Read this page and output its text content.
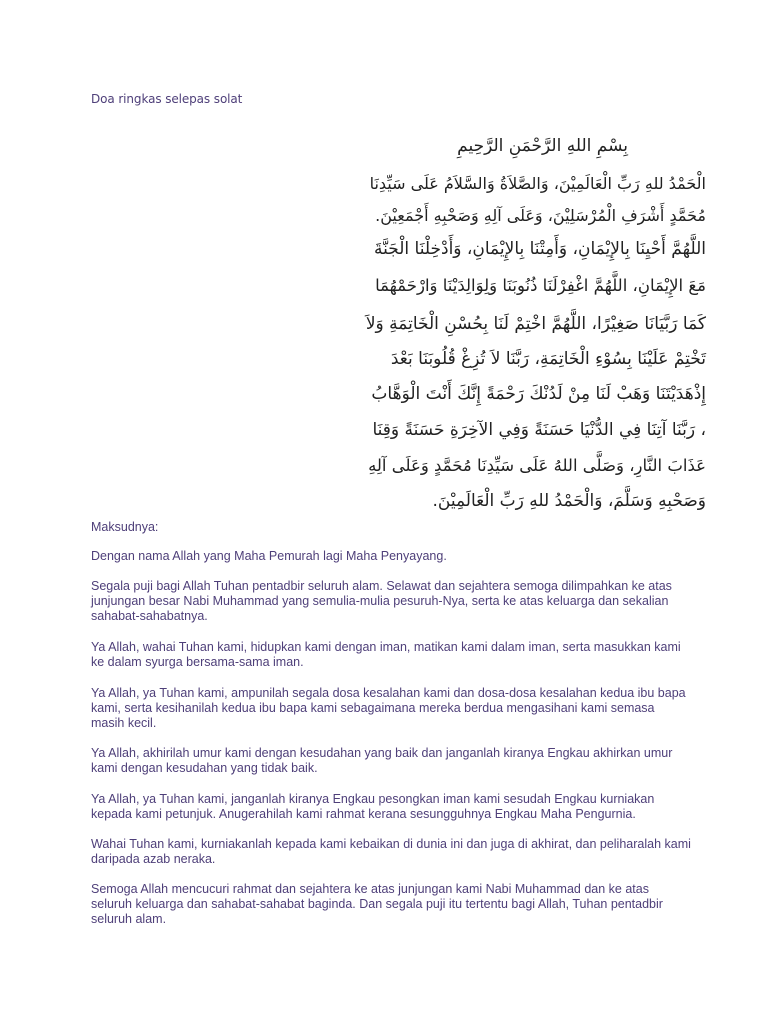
Doa ringkas selepas solat
بِسْمِ اللهِ الرَّحْمَنِ الرَّحِيمِ
الْحَمْدُ للهِ رَبِّ الْعَالَمِيْنَ، وَالصَّلاَةُ وَالسَّلاَمُ عَلَى سَيِّدِنَا
مُحَمَّدٍ أَشْرَفِ الْمُرْسَلِيْنَ، وَعَلَى آلِهِ وَصَحْبِهِ أَجْمَعِيْنَ.
اللَّهُمَّ أَحْيِنَا بِالإِيْمَانِ، وَأَمِتْنَا بِالإِيْمَانِ، وَأَدْخِلْنَا الْجَنَّةَ
مَعَ الإِيْمَانِ، اللَّهُمَّ اغْفِرْلَنَا ذُنُوبَنَا وَلِوَالِدَيْنَا وَارْحَمْهُمَا
كَمَا رَبَّيَانَا صَغِيْرًا، اللَّهُمَّ اخْتِمْ لَنَا بِحُسْنِ الْخَاتِمَةِ وَلاَ
تَخْتِمْ عَلَيْنَا بِسُوْءِ الْخَاتِمَةِ، رَبَّنَا لاَ تُزِغْ قُلُوبَنَا بَعْدَ
إِذْهَدَيْتَنَا وَهَبْ لَنَا مِنْ لَدُنْكَ رَحْمَةً إِنَّكَ أَنْتَ الْوَهَّابُ
، رَبَّنَا آتِنَا فِي الدُّنْيَا حَسَنَةً وَفِي الآخِرَةِ حَسَنَةً وَقِنَا
عَذَابَ النَّارِ، وَصَلَّى اللهُ عَلَى سَيِّدِنَا مُحَمَّدٍ وَعَلَى آلِهِ
وَصَحْبِهِ وَسَلَّمَ، وَالْحَمْدُ للهِ رَبِّ الْعَالَمِيْنَ.

Maksudnya:

Dengan nama Allah yang Maha Pemurah lagi Maha Penyayang.

Segala puji bagi Allah Tuhan pentadbir seluruh alam. Selawat dan sejahtera semoga dilimpahkan ke atas junjungan besar Nabi Muhammad yang semulia-mulia pesuruh-Nya, serta ke atas keluarga dan sekalian sahabat-sahabatnya.

Ya Allah, wahai Tuhan kami, hidupkan kami dengan iman, matikan kami dalam iman, serta masukkan kami ke dalam syurga bersama-sama iman.

Ya Allah, ya Tuhan kami, ampunilah segala dosa kesalahan kami dan dosa-dosa kesalahan kedua ibu bapa kami, serta kesihanilah kedua ibu bapa kami sebagaimana mereka berdua mengasihani kami semasa masih kecil.

Ya Allah, akhirilah umur kami dengan kesudahan yang baik dan janganlah kiranya Engkau akhirkan umur kami dengan kesudahan yang tidak baik.

Ya Allah, ya Tuhan kami, janganlah kiranya Engkau pesongkan iman kami sesudah Engkau kurniakan kepada kami petunjuk. Anugerahilah kami rahmat kerana sesungguhnya Engkau Maha Pengurnia.

Wahai Tuhan kami, kurniakanlah kepada kami kebaikan di dunia ini dan juga di akhirat, dan peliharalah kami daripada azab neraka.

Semoga Allah mencucuri rahmat dan sejahtera ke atas junjungan kami Nabi Muhammad dan ke atas seluruh keluarga dan sahabat-sahabat baginda. Dan segala puji itu tertentu bagi Allah, Tuhan pentadbir seluruh alam.
